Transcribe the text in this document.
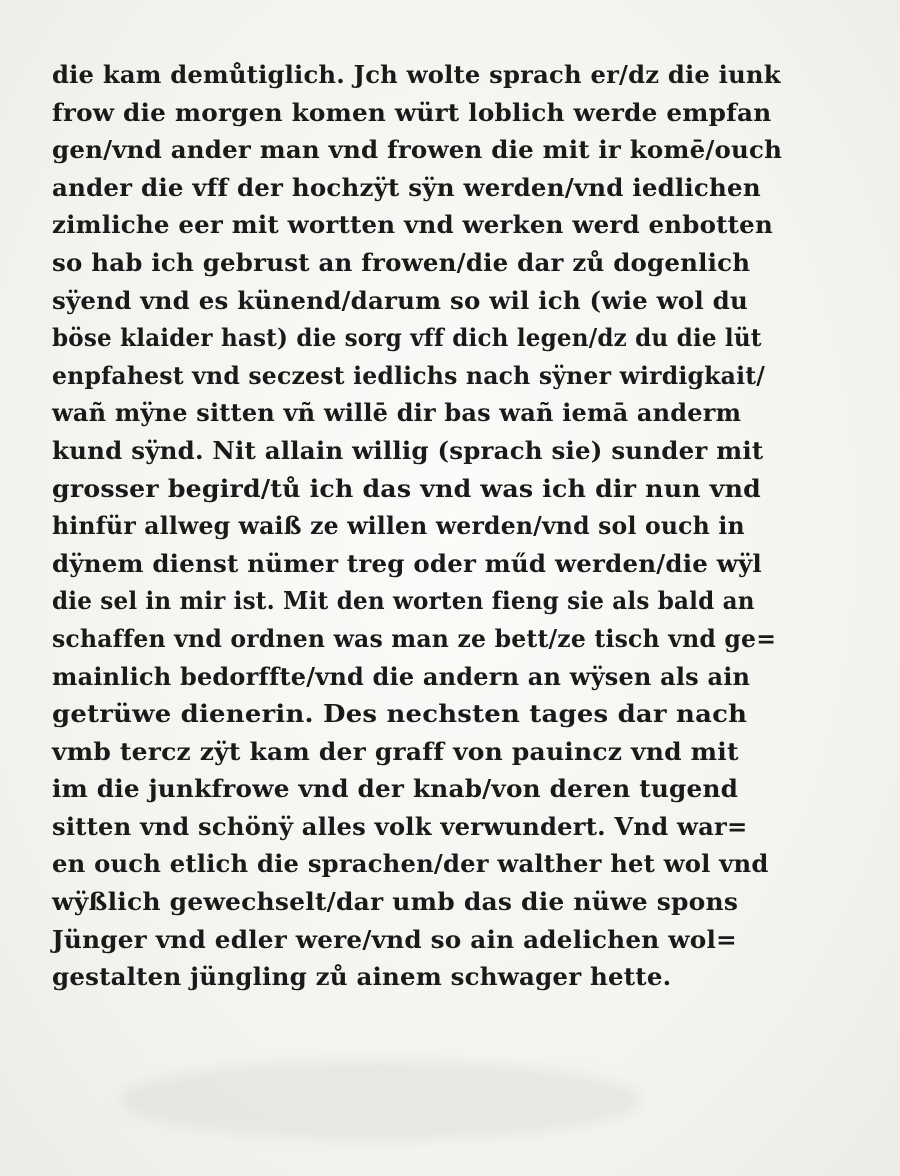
die kam demůtiglich. Jch wolte sprach er/dz die iunk
frow die morgen komen würt loblich werde empfan
gen/vnd ander man vnd frowen die mit ir komē/ouch
ander die vff der hochzÿt sÿn werden/vnd iedlichen
zimliche eer mit wortten vnd werken werd enbotten
so hab ich gebrust an frowen/die dar zů dogenlich
sÿend vnd es künend/darum so wil ich (wie wol du
böse klaider hast) die sorg vff dich legen/dz du die lüt
enpfahest vnd seczest iedlichs nach sÿner wirdigkait/
wañ mÿne sitten vñ willē dir bas wañ iemā anderm
kund sÿnd. Nit allain willig (sprach sie) sunder mit
grosser begird/tů ich das vnd was ich dir nun vnd
hinfür allweg waiß ze willen werden/vnd sol ouch in
dÿnem dienst nümer treg oder műd werden/die wÿl
die sel in mir ist. Mit den worten fieng sie als bald an
schaffen vnd ordnen was man ze bett/ze tisch vnd ge=
mainlich bedorffte/vnd die andern an wÿsen als ain
getrüwe dienerin. Des nechsten tages dar nach
vmb tercz zÿt kam der graff von pauincz vnd mit
im die junkfrowe vnd der knab/von deren tugend
sitten vnd schönÿ alles volk verwundert. Vnd war=
en ouch etlich die sprachen/der walther het wol vnd
wÿßlich gewechselt/dar umb das die nüwe spons
Jünger vnd edler were/vnd so ain adelichen wol=
gestalten jüngling zů ainem schwager hette.
